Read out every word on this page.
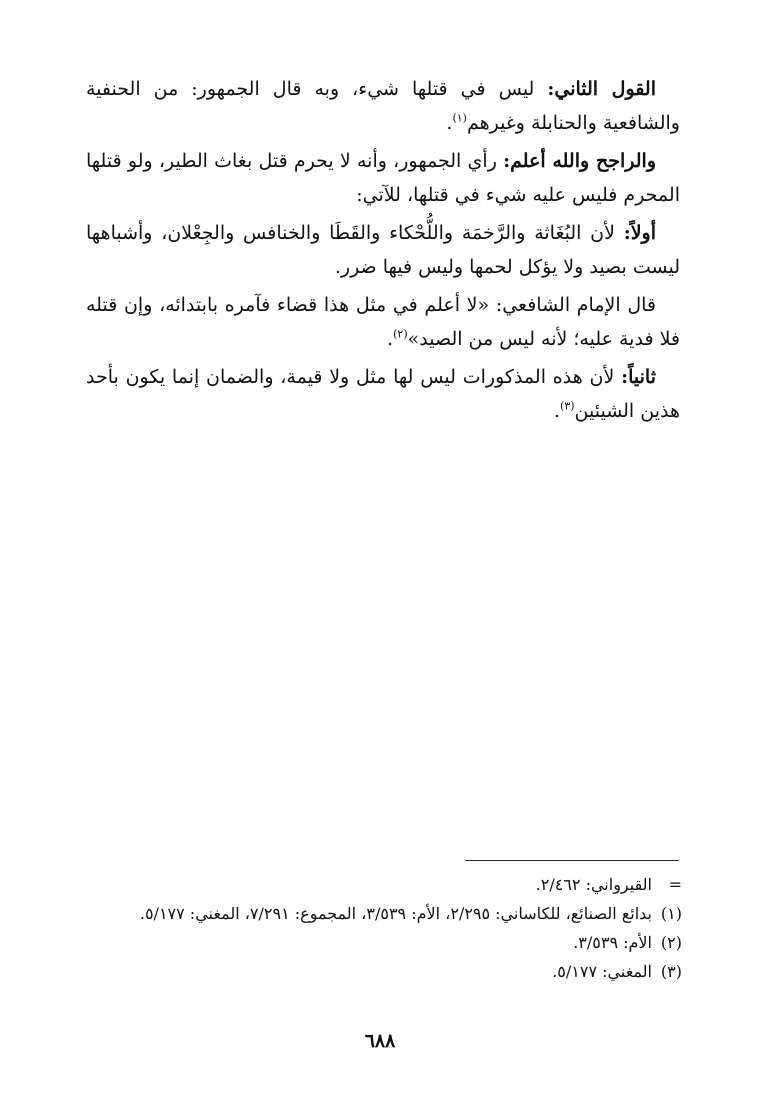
القول الثاني: ليس في قتلها شيء، وبه قال الجمهور: من الحنفية والشافعية والحنابلة وغيرهم$^{(١)}$.

والراجح والله أعلم: رأي الجمهور، وأنه لا يحرم قتل بغاث الطير، ولو قتلها المحرم فليس عليه شيء في قتلها، للآتي:

أولاً: لأن البُغَاثة والرَّخمَة واللُّحْكاء والقَطَا والخنافس والجِعْلان، وأشباهها ليست بصيد ولا يؤكل لحمها وليس فيها ضرر.

قال الإمام الشافعي: «لا أعلم في مثل هذا قضاء فآمره بابتدائه، وإن قتله فلا فدية عليه؛ لأنه ليس من الصيد»$^{(٢)}$.

ثانياً: لأن هذه المذكورات ليس لها مثل ولا قيمة، والضمان إنما يكون بأحد هذين الشيئين$^{(٣)}$.

=
القيرواني: ٢/٤٦٢.
(١)
بدائع الصنائع، للكاساني: ٢/٢٩٥، الأم: ٣/٥٣٩، المجموع: ٧/٢٩١، المغني: ٥/١٧٧.
(٢)
الأم: ٣/٥٣٩.
(٣)
المغني: ٥/١٧٧.
٦٨٨
